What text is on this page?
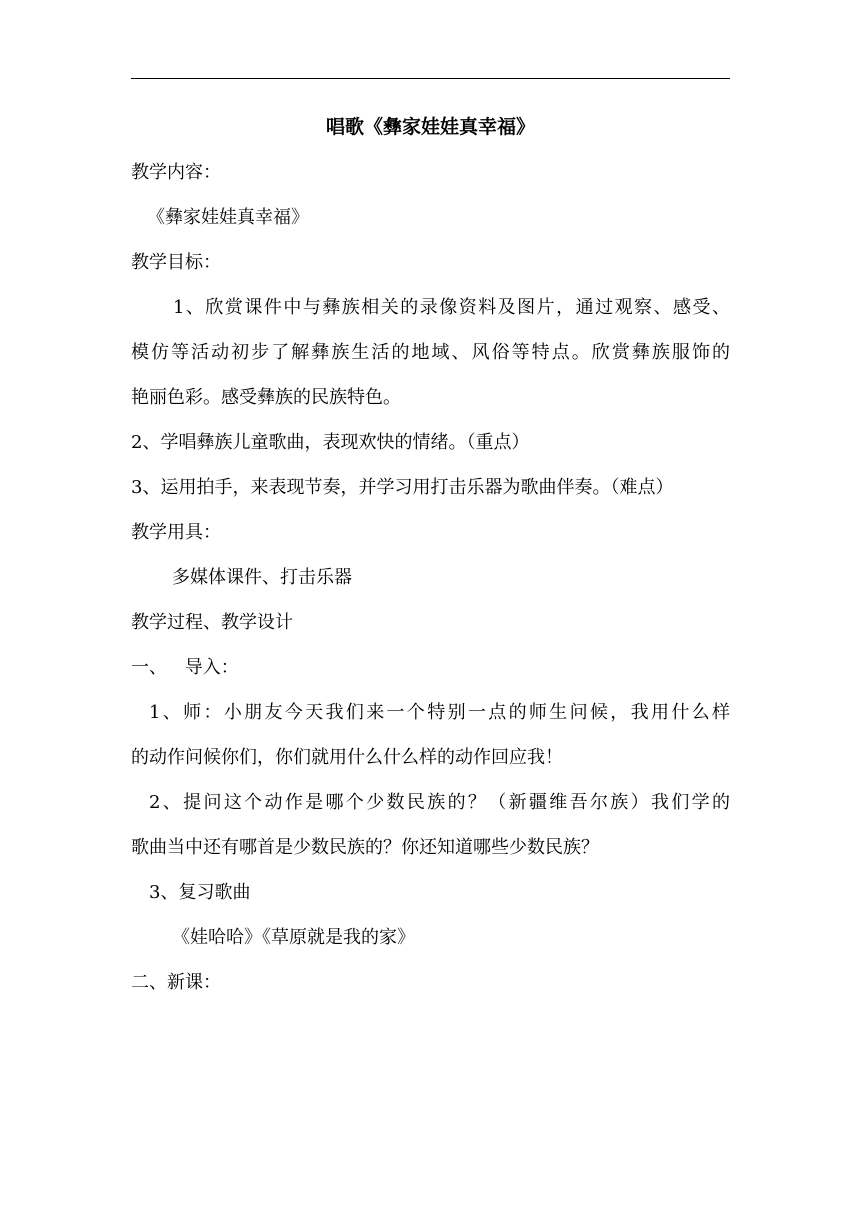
唱歌《彝家娃娃真幸福》
教学内容：
《彝家娃娃真幸福》
教学目标：
1、欣赏课件中与彝族相关的录像资料及图片，通过观察、感受、
模仿等活动初步了解彝族生活的地域、风俗等特点。欣赏彝族服饰的
艳丽色彩。感受彝族的民族特色。
2、学唱彝族儿童歌曲，表现欢快的情绪。（重点）
3、运用拍手，来表现节奏，并学习用打击乐器为歌曲伴奏。（难点）
教学用具：
多媒体课件、打击乐器
教学过程、教学设计
一、 导入：
1、师：小朋友今天我们来一个特别一点的师生问候，我用什么样
的动作问候你们，你们就用什么什么样的动作回应我！
2、提问这个动作是哪个少数民族的？（新疆维吾尔族）我们学的
歌曲当中还有哪首是少数民族的？你还知道哪些少数民族？
3、复习歌曲
《娃哈哈》《草原就是我的家》
二、新课：
